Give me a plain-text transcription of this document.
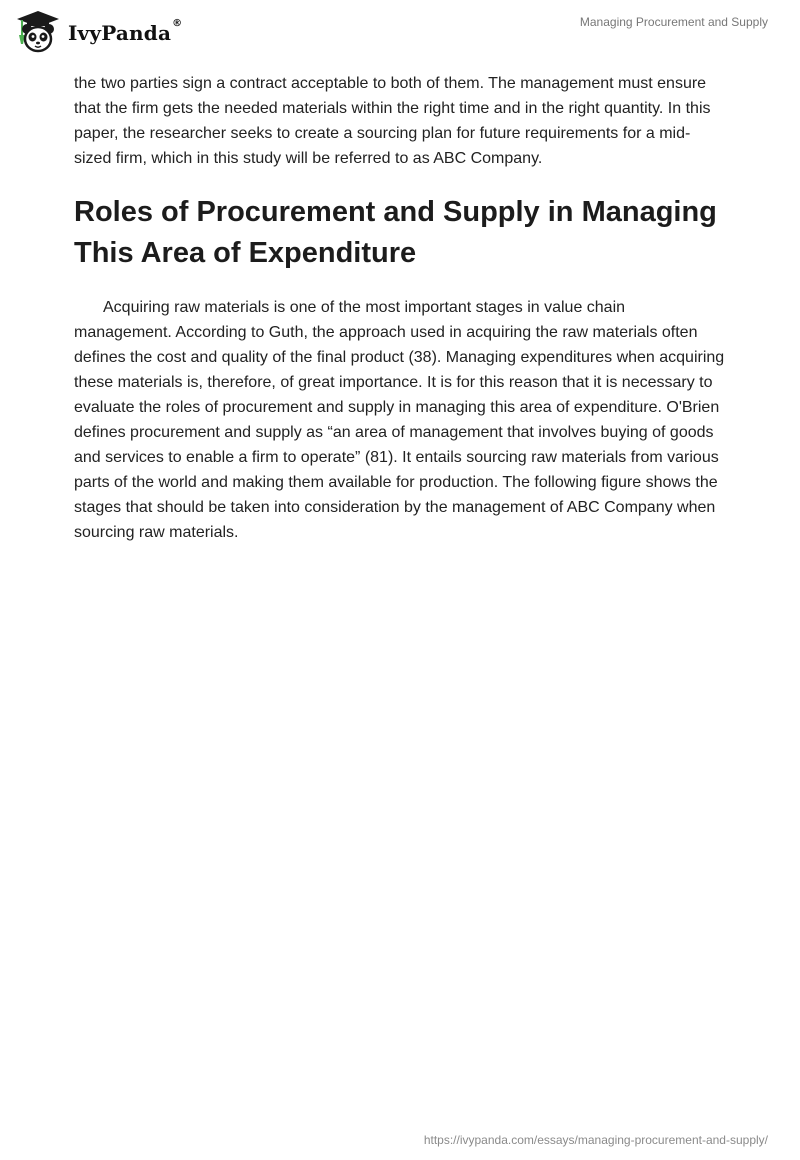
IvyPanda ®	Managing Procurement and Supply

the two parties sign a contract acceptable to both of them. The management must ensure that the firm gets the needed materials within the right time and in the right quantity. In this paper, the researcher seeks to create a sourcing plan for future requirements for a mid-sized firm, which in this study will be referred to as ABC Company.

Roles of Procurement and Supply in Managing This Area of Expenditure

Acquiring raw materials is one of the most important stages in value chain management. According to Guth, the approach used in acquiring the raw materials often defines the cost and quality of the final product (38). Managing expenditures when acquiring these materials is, therefore, of great importance. It is for this reason that it is necessary to evaluate the roles of procurement and supply in managing this area of expenditure. O'Brien defines procurement and supply as “an area of management that involves buying of goods and services to enable a firm to operate” (81). It entails sourcing raw materials from various parts of the world and making them available for production. The following figure shows the stages that should be taken into consideration by the management of ABC Company when sourcing raw materials.

https://ivypanda.com/essays/managing-procurement-and-supply/
